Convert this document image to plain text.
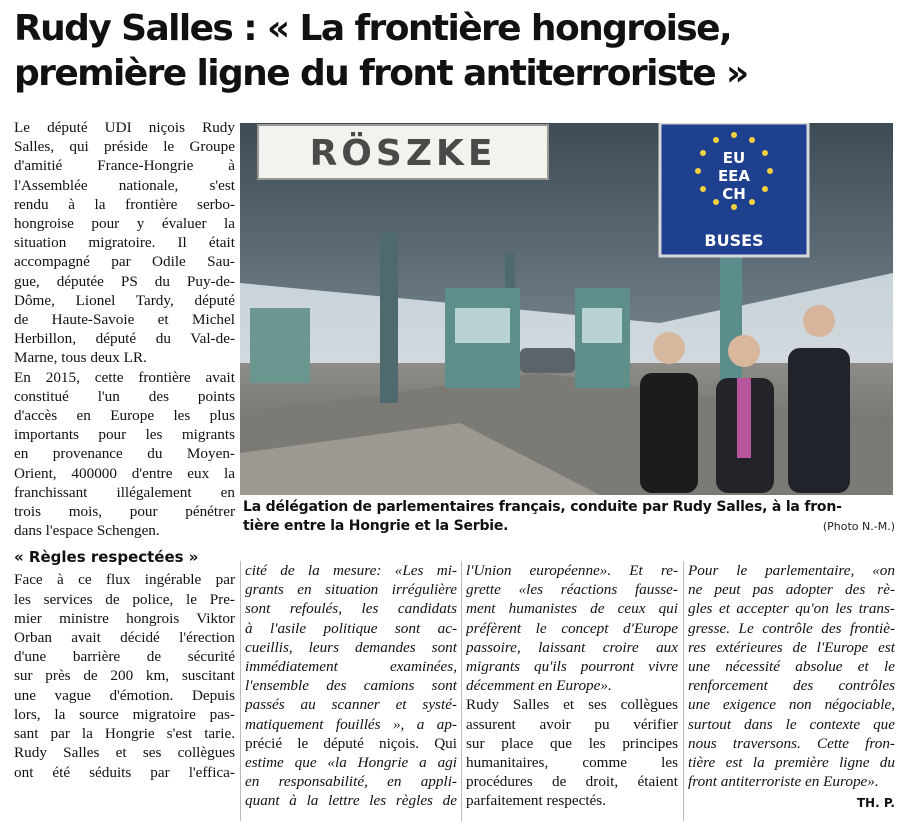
Rudy Salles : « La frontière hongroise,
première ligne du front antiterroriste »

Le député UDI niçois Rudy
Salles, qui préside le Groupe
d'amitié France-Hongrie à
l'Assemblée nationale, s'est
rendu à la frontière serbo-
hongroise pour y évaluer la
situation migratoire. Il était
accompagné par Odile Sau-
gue, députée PS du Puy-de-
Dôme, Lionel Tardy, député
de Haute-Savoie et Michel
Herbillon, député du Val-de-
Marne, tous deux LR.

En 2015, cette frontière avait
constitué l'un des points
d'accès en Europe les plus
importants pour les migrants
en provenance du Moyen-
Orient, 400000 d'entre eux la
franchissant illégalement en
trois mois, pour pénétrer
dans l'espace Schengen.

« Règles respectées »

Face à ce flux ingérable par
les services de police, le Pre-
mier ministre hongrois Viktor
Orban avait décidé l'érection
d'une barrière de sécurité
sur près de 200 km, suscitant
une vague d'émotion. Depuis
lors, la source migratoire pas-
sant par la Hongrie s'est tarie.
Rudy Salles et ses collègues
ont été séduits par l'effica-

RÖSZKE	EU
EEA
CH
BUSES
La délégation de parlementaires français, conduite par Rudy Salles, à la fron-
tière entre la Hongrie et la Serbie.	(Photo N.-M.)

cité de la mesure: «Les mi-
grants en situation irrégulière
sont refoulés, les candidats
à l'asile politique sont ac-
cueillis, leurs demandes sont
immédiatement examinées,
l'ensemble des camions sont
passés au scanner et systé-
matiquement fouillés », a ap-
précié le député niçois. Qui
estime que «la Hongrie a agi
en responsabilité, en appli-
quant à la lettre les règles de

l'Union européenne». Et re-
grette «les réactions fausse-
ment humanistes de ceux qui
préfèrent le concept d'Europe
passoire, laissant croire aux
migrants qu'ils pourront vivre
décemment en Europe».

Rudy Salles et ses collègues
assurent avoir pu vérifier
sur place que les principes
humanitaires, comme les
procédures de droit, étaient
parfaitement respectés.

Pour le parlementaire, «on
ne peut pas adopter des rè-
gles et accepter qu'on les trans-
gresse. Le contrôle des frontiè-
res extérieures de l'Europe est
une nécessité absolue et le
renforcement des contrôles
une exigence non négociable,
surtout dans le contexte que
nous traversons. Cette fron-
tière est la première ligne du
front antiterroriste en Europe».

TH. P.
